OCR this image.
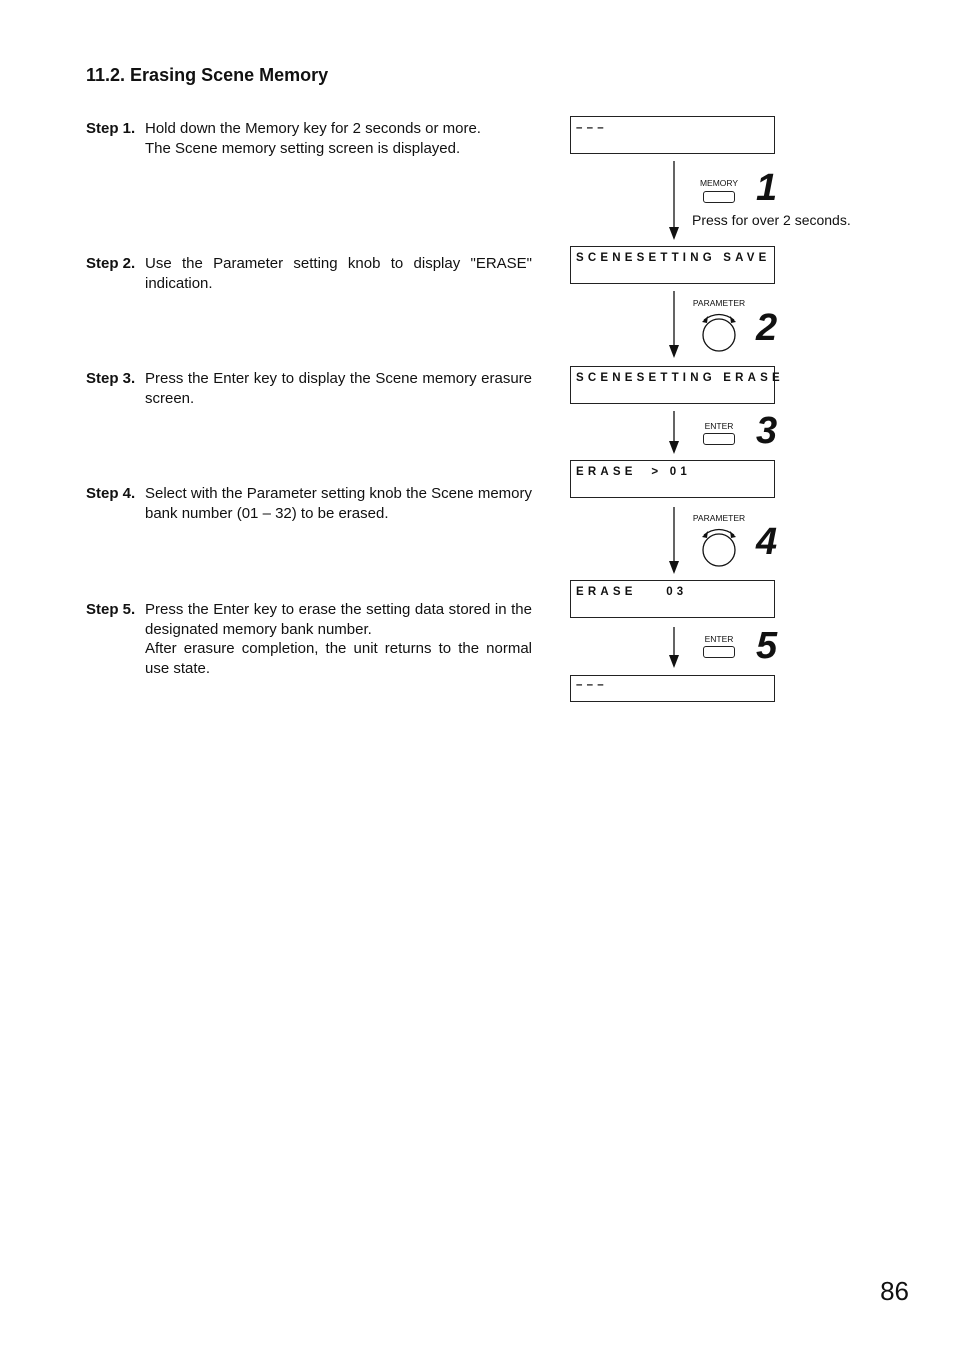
11.2. Erasing Scene Memory
Step 1. Hold down the Memory key for 2 seconds or more.

The Scene memory setting screen is displayed.

Step 2. Use the Parameter setting knob to display "ERASE" indication.

Step 3. Press the Enter key to display the Scene memory erasure screen.

Step 4. Select with the Parameter setting knob the Scene memory bank number (01 – 32) to be erased.

Step 5. Press the Enter key to erase the setting data stored in the designated memory bank number.

After erasure completion, the unit returns to the normal use state.

–––
SCENESETTING SAVE
SCENESETTING ERASE
ERASE  > 01
ERASE    03
–––
MEMORY 1
Press for over 2 seconds.
PARAMETER
2
ENTER 3
PARAMETER
4
ENTER 5
86
